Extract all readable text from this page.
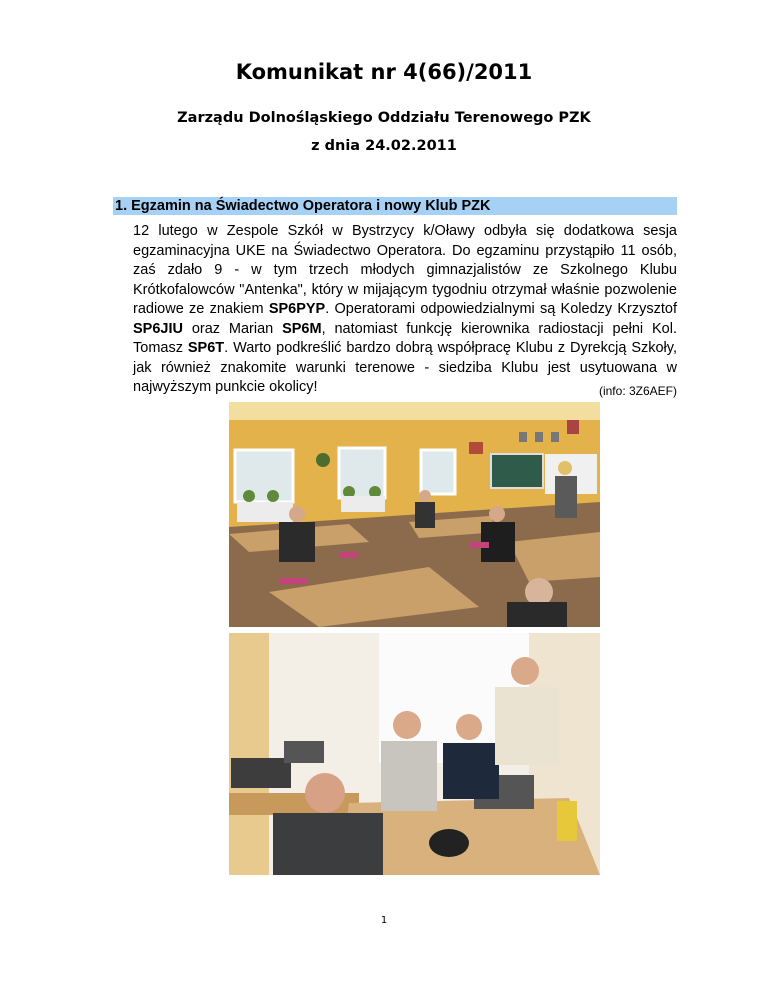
Komunikat nr 4(66)/2011
Zarządu Dolnośląskiego Oddziału Terenowego PZK
z dnia 24.02.2011
1. Egzamin na Świadectwo Operatora i nowy Klub PZK

12 lutego w Zespole Szkół w Bystrzycy k/Oławy odbyła się dodatkowa sesja egzaminacyjna UKE na Świadectwo Operatora. Do egzaminu przystąpiło 11 osób, zaś zdało 9 - w tym trzech młodych gimnazjalistów ze Szkolnego Klubu Krótkofalowców "Antenka", który w mijającym tygodniu otrzymał właśnie pozwolenie radiowe ze znakiem SP6PYP. Operatorami odpowiedzialnymi są Koledzy Krzysztof SP6JIU oraz Marian SP6M, natomiast funkcję kierownika radiostacji pełni Kol. Tomasz SP6T. Warto podkreślić bardzo dobrą współpracę Klubu z Dyrekcją Szkoły, jak również znakomite warunki terenowe - siedziba Klubu jest usytuowana w najwyższym punkcie okolicy!	(info: 3Z6AEF)
1
